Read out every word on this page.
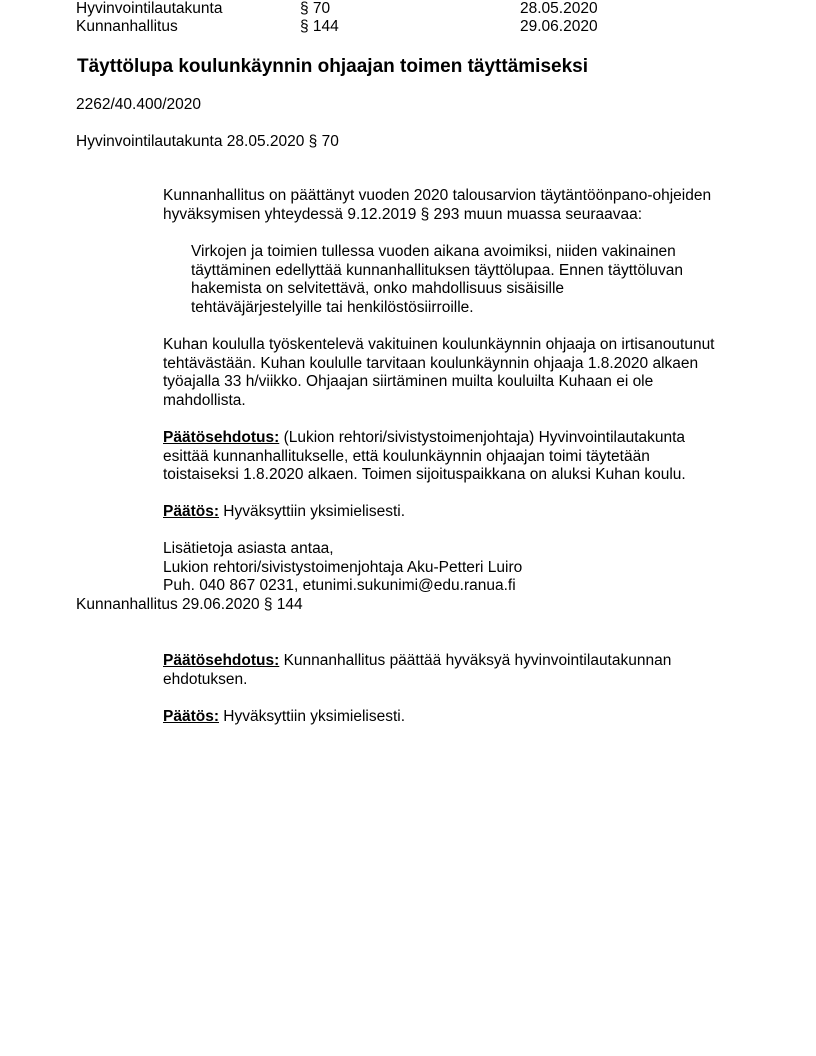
Hyvinvointilautakunta	§ 70	28.05.2020
Kunnanhallitus	§ 144	29.06.2020
Täyttölupa koulunkäynnin ohjaajan toimen täyttämiseksi
2262/40.400/2020
Hyvinvointilautakunta 28.05.2020 § 70
Kunnanhallitus on päättänyt vuoden 2020 talousarvion täytäntöönpano-ohjeiden
hyväksymisen yhteydessä 9.12.2019 § 293 muun muassa seuraavaa:
Virkojen ja toimien tullessa vuoden aikana avoimiksi, niiden vakinainen
täyttäminen edellyttää kunnanhallituksen täyttölupaa. Ennen täyttöluvan
hakemista on selvitettävä, onko mahdollisuus sisäisille
tehtäväjärjestelyille tai henkilöstösiirroille.
Kuhan koululla työskentelevä vakituinen koulunkäynnin ohjaaja on irtisanoutunut
tehtävästään. Kuhan koululle tarvitaan koulunkäynnin ohjaaja 1.8.2020 alkaen
työajalla 33 h/viikko. Ohjaajan siirtäminen muilta kouluilta Kuhaan ei ole
mahdollista.
Päätösehdotus: (Lukion rehtori/sivistystoimenjohtaja) Hyvinvointilautakunta
esittää kunnanhallitukselle, että koulunkäynnin ohjaajan toimi täytetään
toistaiseksi 1.8.2020 alkaen. Toimen sijoituspaikkana on aluksi Kuhan koulu.
Päätös: Hyväksyttiin yksimielisesti.
Lisätietoja asiasta antaa,
Lukion rehtori/sivistystoimenjohtaja Aku-Petteri Luiro
Puh. 040 867 0231, etunimi.sukunimi@edu.ranua.fi
Kunnanhallitus 29.06.2020 § 144
Päätösehdotus: Kunnanhallitus päättää hyväksyä hyvinvointilautakunnan
ehdotuksen.
Päätös: Hyväksyttiin yksimielisesti.
